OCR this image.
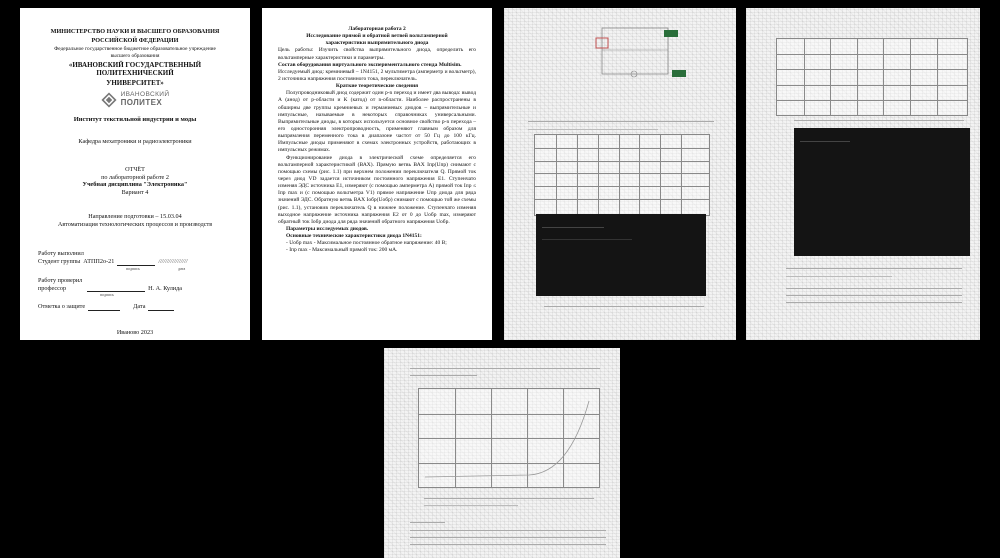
МИНИСТЕРСТВО НАУКИ И ВЫСШЕГО ОБРАЗОВАНИЯ
РОССИЙСКОЙ ФЕДЕРАЦИИ
Федеральное государственное бюджетное образовательное учреждение
высшего образования
«ИВАНОВСКИЙ ГОСУДАРСТВЕННЫЙ ПОЛИТЕХНИЧЕСКИЙ
УНИВЕРСИТЕТ»
ИВАНОВСКИЙ
ПОЛИТЕХ
Институт текстильной индустрии и моды
Кафедра мехатроники и радиоэлектроники
ОТЧЁТ
по лабораторной работе 2
Учебная дисциплина "Электроника"
Вариант 4
Направление подготовки – 15.03.04
Автоматизация технологических процессов и производств
Работу выполнил
Студент группы АТПП2о-21	/////////////////
подпись	дата
Работу проверил
профессор	Н. А. Кулида
подпись
Отметка о защите	Дата
Иваново 2023
Лабораторная работа 2
Исследование прямой и обратной ветвей вольтамперной
характеристики выпрямительного диода
Цель работы: Изучить свойства выпрямительного диода, определить его вольтамперные характеристики и параметры.
Состав оборудования виртуального экспериментального стенда Multisim.
Исследуемый диод: кремниевый – 1N4151, 2 мультиметра (амперметр и вольтметр), 2 источника напряжения постоянного тока, переключатель.
Краткие теоретические сведения
Полупроводниковый диод содержит один p-n переход и имеет два вывода: вывод А (анод) от p-области и К (катод) от n-области. Наиболее распространены в обширны две группы кремниевых и германиевых диодов – выпрямительные и импульсные, называемые в некоторых справочниках универсальными. Выпрямительные диоды, в которых используется основное свойство p-n перехода – его односторонняя электропроводность, применяют главным образом для выпрямления переменного тока в диапазоне частот от 50 Гц до 100 кГц. Импульсные диоды применяют в схемах электронных устройств, работающих в импульсных режимах.
Функционирование диода в электрической схеме определяется его вольтамперной характеристикой (ВАХ). Прямую ветвь ВАХ Iпр(Uпр) снимают с помощью схемы (рис. 1.1) при верхнем положении переключателя Q. Прямой ток через диод VD задается источником постоянного напряжения E1. Ступенчато изменяя ЭДС источника E1, измеряют (с помощью амперметра A) прямой ток Iпр ≤ Iпр max и (с помощью вольтметра V1) прямое напряжение Uпр диода для ряда значений ЭДС. Обратную ветвь ВАХ Iобр(Uобр) снимают с помощью той же схемы (рис. 1.1), установив переключатель Q в нижнее положение. Ступенчато изменяя выходное напряжение источника напряжения E2 от 0 до Uобр max, измеряют обратный ток Iобр диода для ряда значений обратного напряжения Uобр.
Параметры исследуемых диодов.
Основные технические характеристики диода 1N4151:
- Uобр max - Максимальное постоянное обратное напряжение: 40 В;
- Iпр max - Максимальный прямой ток: 200 мА.
